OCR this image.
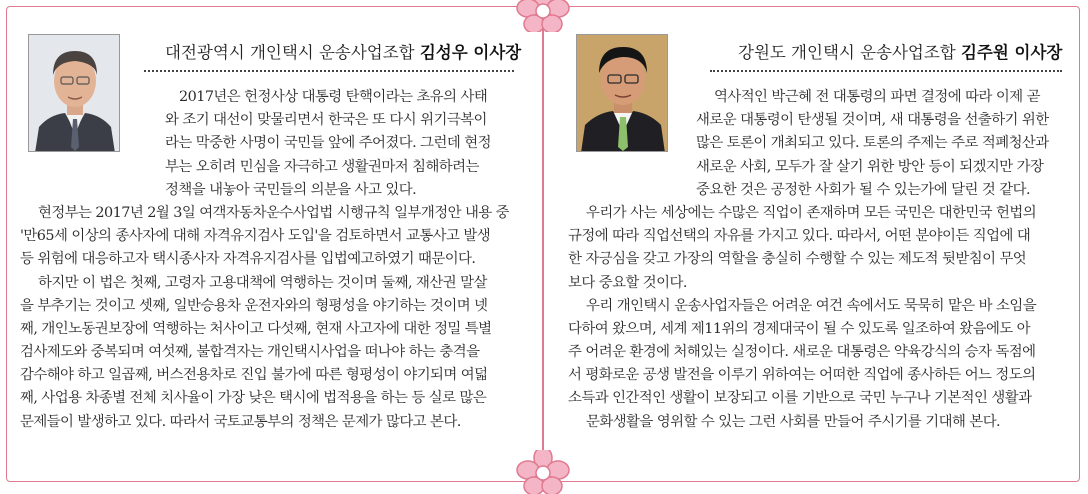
대전광역시 개인택시 운송사업조합 김성우 이사장
2017년은 헌정사상 대통령 탄핵이라는 초유의 사태
와 조기 대선이 맞물리면서 한국은 또 다시 위기극복이
라는 막중한 사명이 국민들 앞에 주어졌다. 그런데 현정
부는 오히려 민심을 자극하고 생활권마저 침해하려는
정책을 내놓아 국민들의 의분을 사고 있다.
현정부는 2017년 2월 3일 여객자동차운수사업법 시행규칙 일부개정안 내용 중
'만65세 이상의 종사자에 대해 자격유지검사 도입'을 검토하면서 교통사고 발생
등 위험에 대응하고자 택시종사자 자격유지검사를 입법예고하였기 때문이다.
하지만 이 법은 첫째, 고령자 고용대책에 역행하는 것이며 둘째, 재산권 말살
을 부추기는 것이고 셋째, 일반승용차 운전자와의 형평성을 야기하는 것이며 넷
째, 개인노동권보장에 역행하는 처사이고 다섯째, 현재 사고자에 대한 정밀 특별
검사제도와 중복되며 여섯째, 불합격자는 개인택시사업을 떠나야 하는 충격을
감수해야 하고 일곱째, 버스전용차로 진입 불가에 따른 형평성이 야기되며 여덟
째, 사업용 차종별 전체 치사율이 가장 낮은 택시에 법적용을 하는 등 실로 많은
문제들이 발생하고 있다. 따라서 국토교통부의 정책은 문제가 많다고 본다.
강원도 개인택시 운송사업조합 김주원 이사장
역사적인 박근혜 전 대통령의 파면 결정에 따라 이제 곧
새로운 대통령이 탄생될 것이며, 새 대통령을 선출하기 위한
많은 토론이 개최되고 있다. 토론의 주제는 주로 적폐청산과
새로운 사회, 모두가 잘 살기 위한 방안 등이 되겠지만 가장
중요한 것은 공정한 사회가 될 수 있는가에 달린 것 같다.
우리가 사는 세상에는 수많은 직업이 존재하며 모든 국민은 대한민국 헌법의
규정에 따라 직업선택의 자유를 가지고 있다. 따라서, 어떤 분야이든 직업에 대
한 자긍심을 갖고 가장의 역할을 충실히 수행할 수 있는 제도적 뒷받침이 무엇
보다 중요할 것이다.
우리 개인택시 운송사업자들은 어려운 여건 속에서도 묵묵히 맡은 바 소임을
다하여 왔으며, 세계 제11위의 경제대국이 될 수 있도록 일조하여 왔음에도 아
주 어려운 환경에 처해있는 실정이다. 새로운 대통령은 약육강식의 승자 독점에
서 평화로운 공생 발전을 이루기 위하여는 어떠한 직업에 종사하든 어느 정도의
소득과 인간적인 생활이 보장되고 이를 기반으로 국민 누구나 기본적인 생활과
문화생활을 영위할 수 있는 그런 사회를 만들어 주시기를 기대해 본다.
